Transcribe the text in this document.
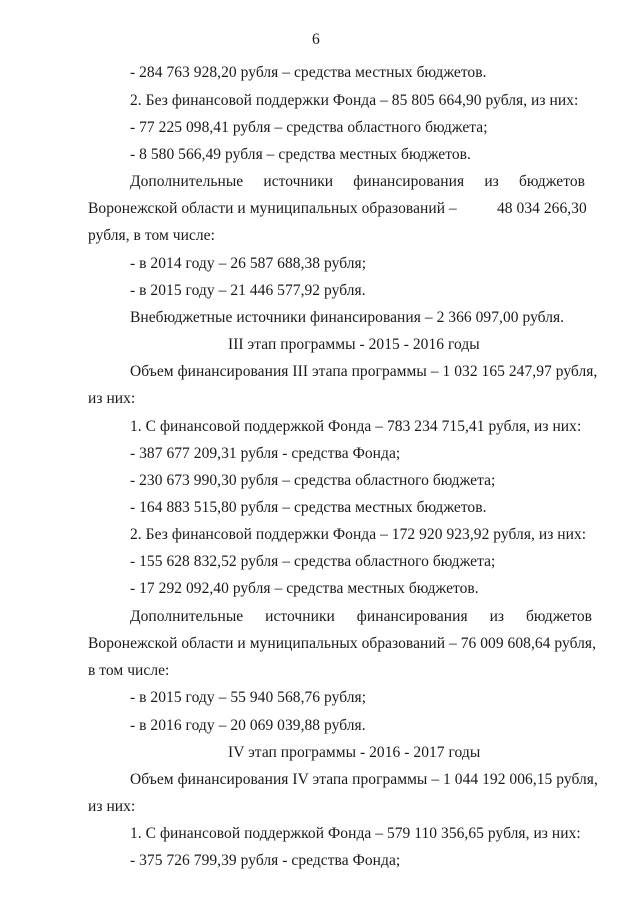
6
- 284 763 928,20 рубля – средства местных бюджетов.
2. Без финансовой поддержки Фонда – 85 805 664,90 рубля, из них:
- 77 225 098,41 рубля – средства областного бюджета;
- 8 580 566,49 рубля – средства местных бюджетов.
Дополнительные источники финансирования из бюджетов
Воронежской области и муниципальных образований –	48 034 266,30
рубля, в том числе:
- в 2014 году – 26 587 688,38 рубля;
- в 2015 году – 21 446 577,92 рубля.
Внебюджетные источники финансирования – 2 366 097,00 рубля.
III этап программы - 2015 - 2016 годы
Объем финансирования III этапа программы – 1 032 165 247,97 рубля,
из них:
1. С финансовой поддержкой Фонда – 783 234 715,41 рубля, из них:
- 387 677 209,31 рубля - средства Фонда;
- 230 673 990,30 рубля – средства областного бюджета;
- 164 883 515,80 рубля – средства местных бюджетов.
2. Без финансовой поддержки Фонда – 172 920 923,92 рубля, из них:
- 155 628 832,52 рубля – средства областного бюджета;
- 17 292 092,40 рубля – средства местных бюджетов.
Дополнительные источники финансирования из бюджетов
Воронежской области и муниципальных образований – 76 009 608,64 рубля,
в том числе:
- в 2015 году – 55 940 568,76 рубля;
- в 2016 году – 20 069 039,88 рубля.
IV этап программы - 2016 - 2017 годы
Объем финансирования IV этапа программы – 1 044 192 006,15 рубля,
из них:
1. С финансовой поддержкой Фонда – 579 110 356,65 рубля, из них:
- 375 726 799,39 рубля - средства Фонда;
